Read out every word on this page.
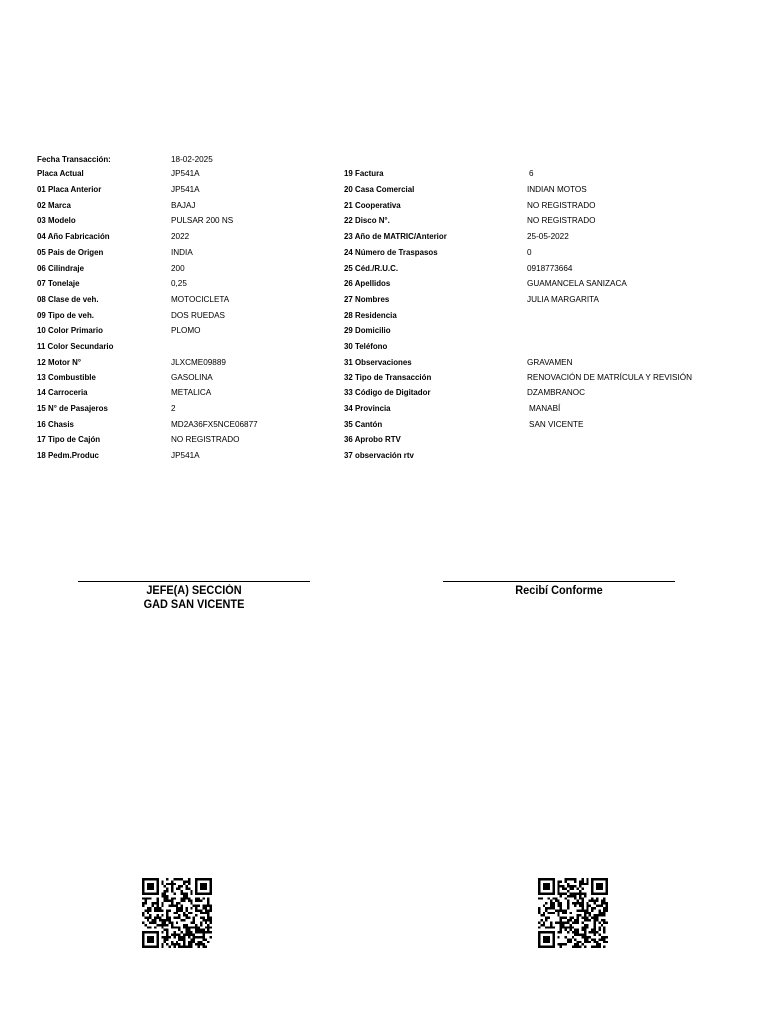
Fecha Transacción:	18-02-2025
Placa Actual	JP541A
01 Placa Anterior	JP541A
02 Marca	BAJAJ
03 Modelo	PULSAR 200 NS
04 Año Fabricación	2022
05 Pais de Origen	INDIA
06 Cilindraje	200
07 Tonelaje	0,25
08 Clase de veh.	MOTOCICLETA
09 Tipo de veh.	DOS RUEDAS
10 Color Primario	PLOMO
11 Color Secundario
12 Motor N°	JLXCME09889
13 Combustible	GASOLINA
14 Carroceria	METALICA
15 N° de Pasajeros	2
16 Chasis	MD2A36FX5NCE06877
17 Tipo de Cajón	NO REGISTRADO
18 Pedm.Produc	JP541A
19 Factura	6
20 Casa Comercial	INDIAN MOTOS
21 Cooperativa	NO REGISTRADO
22 Disco N°.	NO REGISTRADO
23 Año de MATRIC/Anterior	25-05-2022
24 Número de Traspasos	0
25 Céd./R.U.C.	0918773664
26 Apellidos	GUAMANCELA SANIZACA
27 Nombres	JULIA MARGARITA
28 Residencia
29 Domicilio
30 Teléfono
31 Observaciones	GRAVAMEN
32 Tipo de Transacción	RENOVACIÓN DE MATRÍCULA Y REVISIÓN
33 Código de Digitador	DZAMBRANOC
34 Provincia	MANABÍ
35 Cantón	SAN VICENTE
36 Aprobo RTV
37 observación rtv
JEFE(A) SECCIÓN
GAD SAN VICENTE
Recibí Conforme
